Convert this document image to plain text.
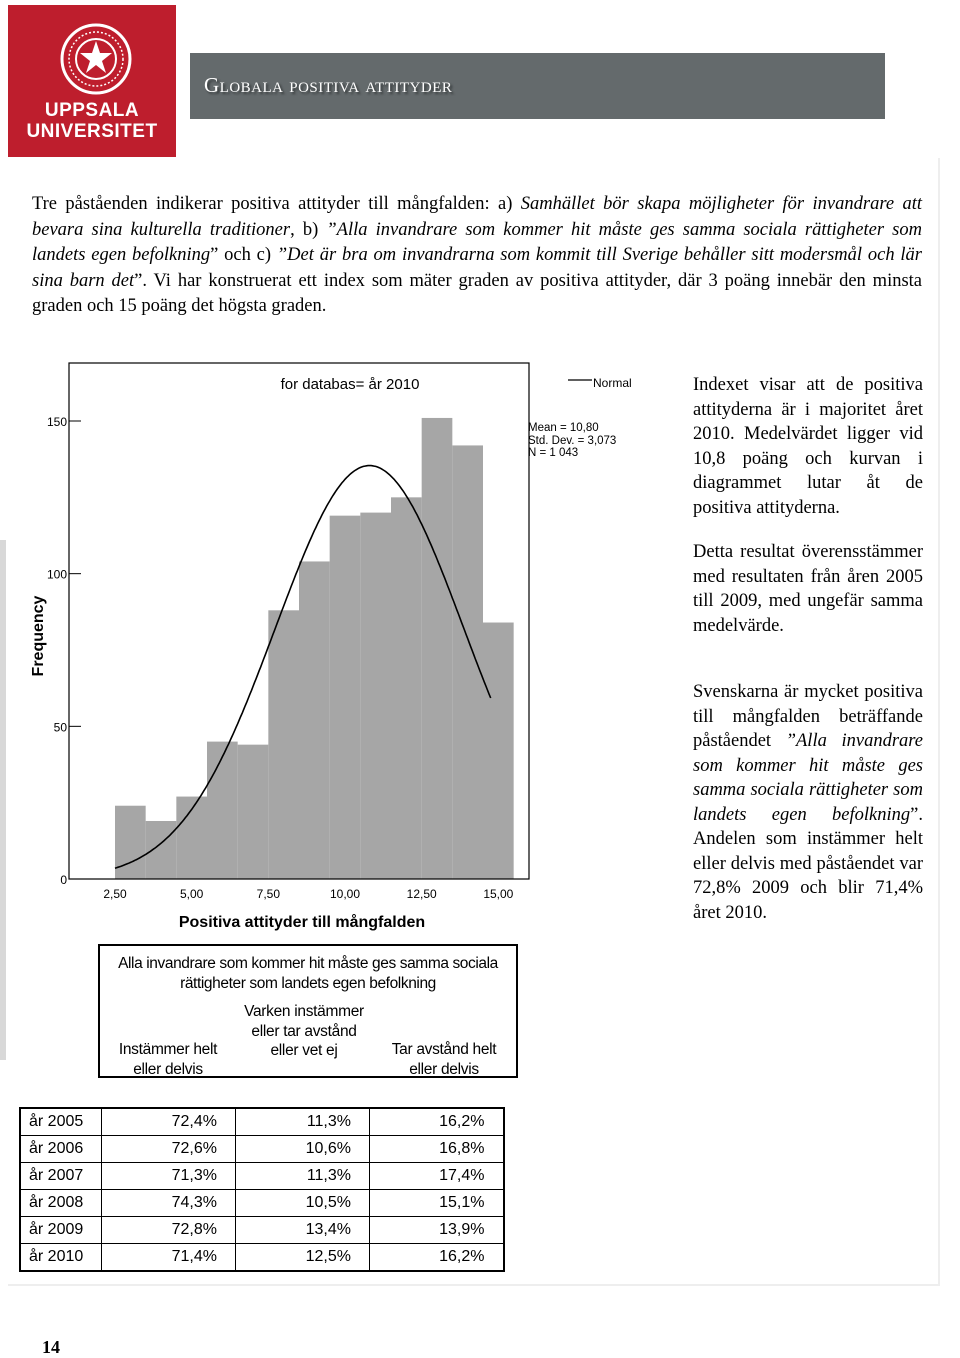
UPPSALA
UNIVERSITET
Globala positiva attityder
Tre påståenden indikerar positiva attityder till mångfalden: a) Samhället bör skapa möjligheter för invandrare att bevara sina kulturella traditioner, b) ”Alla invandrare som kommer hit måste ges samma sociala rättigheter som landets egen befolkning” och c) ”Det är bra om invandrarna som kommit till Sverige behåller sitt modersmål och lär sina barn det”. Vi har konstruerat ett index som mäter graden av positiva attityder, där 3 poäng innebär den minsta graden och 15 poäng det högsta graden.
0
50
100
150
2,50	5,00	7,50	10,00	12,50	15,00
for databas= år 2010	Normal
Mean = 10,80
Std. Dev. = 3,073
N = 1 043
Frequency
Positiva attityder till mångfalden
Alla invandrare som kommer hit måste ges samma sociala rättigheter som landets egen befolkning
Instämmer helt eller delvis
Varken instämmer eller tar avstånd eller vet ej	Tar avstånd helt eller delvis
år 2005	72,4%	11,3%	16,2%
år 2006	72,6%	10,6%	16,8%
år 2007	71,3%	11,3%	17,4%
år 2008	74,3%	10,5%	15,1%
år 2009	72,8%	13,4%	13,9%
år 2010	71,4%	12,5%	16,2%
Indexet visar att de positiva attityderna är i majoritet året 2010. Medelvärdet ligger vid 10,8 poäng och kurvan i diagrammet lutar åt de positiva attityderna.
Detta resultat överensstämmer med resultaten från åren 2005 till 2009, med ungefär samma medelvärde.
Svenskarna är mycket positiva till mångfalden beträffande påståendet ”Alla invandrare som kommer hit måste ges samma sociala rättigheter som landets egen befolkning”. Andelen som instämmer helt eller delvis med påståendet var 72,8% 2009 och blir 71,4% året 2010.
14
